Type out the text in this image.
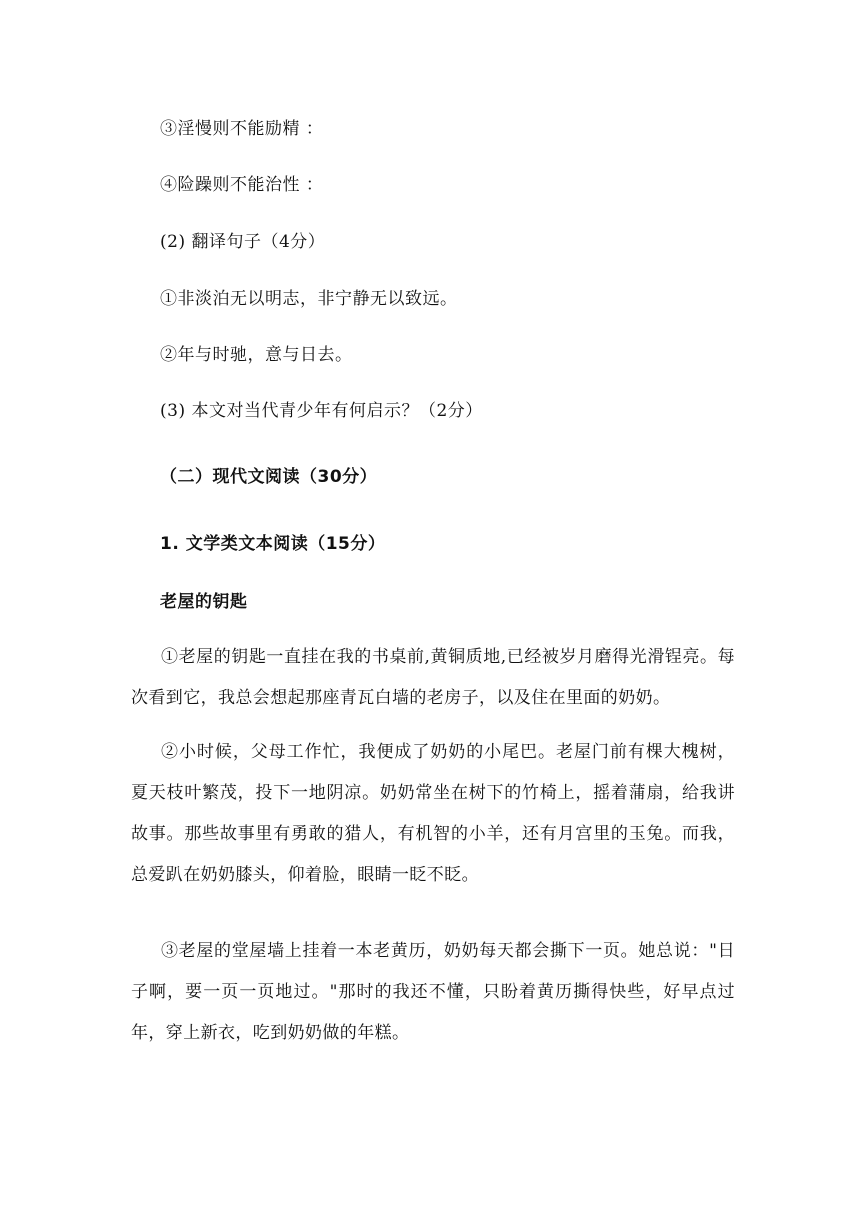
③淫慢则不能励精 ：
④险躁则不能治性 ：
(2) 翻译句子（4分）
①非淡泊无以明志，非宁静无以致远。
②年与时驰，意与日去。
(3) 本文对当代青少年有何启示？（2分）
（二）现代文阅读（30分）
1. 文学类文本阅读（15分）
老屋的钥匙
①老屋的钥匙一直挂在我的书桌前,黄铜质地,已经被岁月磨得光滑锃亮。每次看到它，我总会想起那座青瓦白墙的老房子，以及住在里面的奶奶。
②小时候，父母工作忙，我便成了奶奶的小尾巴。老屋门前有棵大槐树，夏天枝叶繁茂，投下一地阴凉。奶奶常坐在树下的竹椅上，摇着蒲扇，给我讲故事。那些故事里有勇敢的猎人，有机智的小羊，还有月宫里的玉兔。而我，总爱趴在奶奶膝头，仰着脸，眼睛一眨不眨。
③老屋的堂屋墙上挂着一本老黄历，奶奶每天都会撕下一页。她总说："日子啊，要一页一页地过。"那时的我还不懂，只盼着黄历撕得快些，好早点过年，穿上新衣，吃到奶奶做的年糕。
